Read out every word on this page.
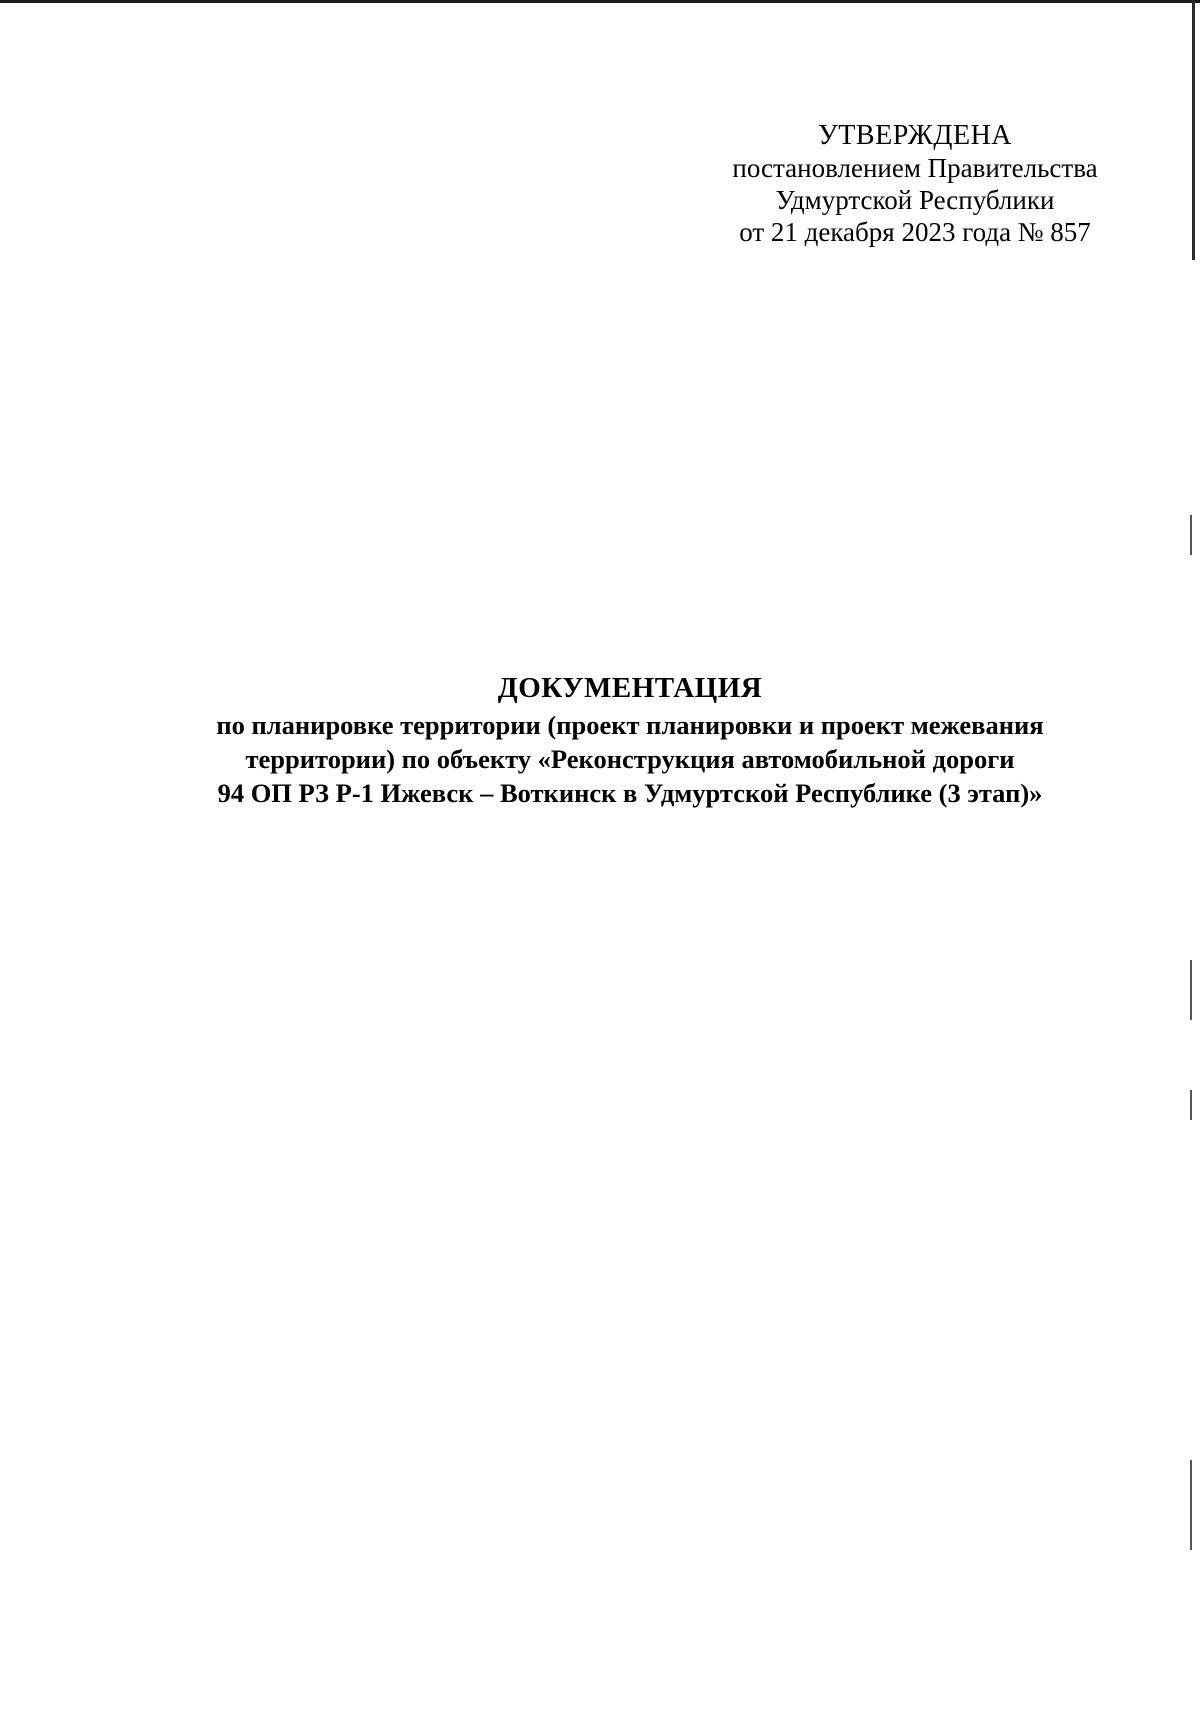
УТВЕРЖДЕНА
постановлением Правительства
Удмуртской Республики
от 21 декабря 2023 года № 857
ДОКУМЕНТАЦИЯ
по планировке территории (проект планировки и проект межевания
территории) по объекту «Реконструкция автомобильной дороги
94 ОП РЗ Р-1 Ижевск – Воткинск в Удмуртской Республике (3 этап)»
